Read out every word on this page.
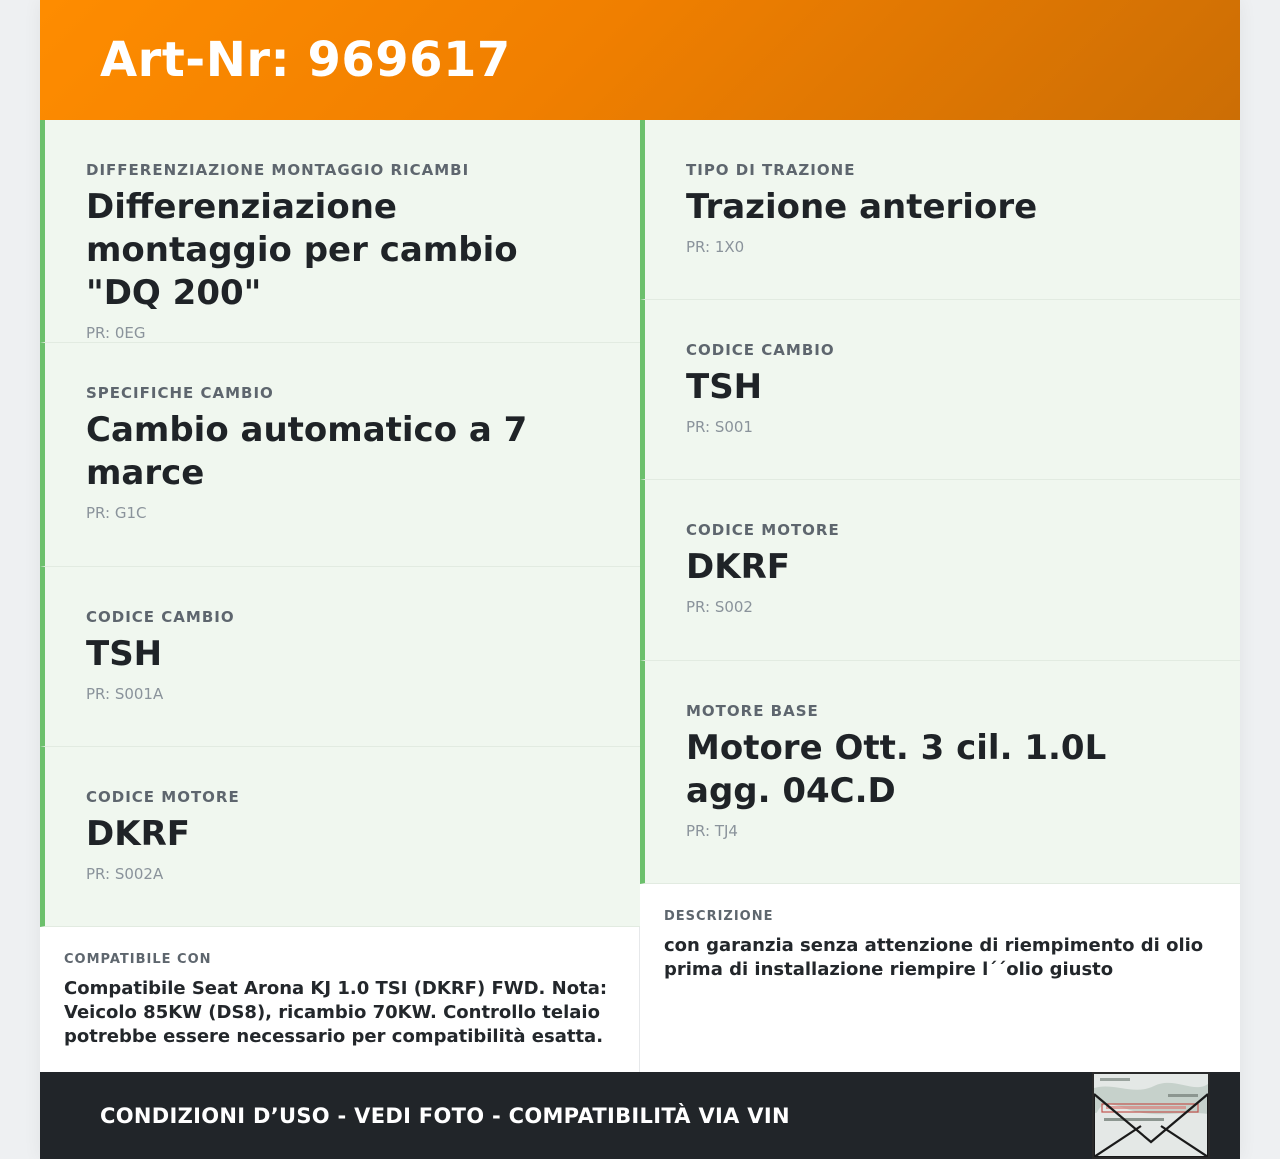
Art-Nr: 969617
DIFFERENZIAZIONE MONTAGGIO RICAMBI
Differenziazione montaggio per cambio "DQ 200"
PR: 0EG
SPECIFICHE CAMBIO
Cambio automatico a 7 marce
PR: G1C
CODICE CAMBIO
TSH
PR: S001A
CODICE MOTORE
DKRF
PR: S002A
COMPATIBILE CON
Compatibile Seat Arona KJ 1.0 TSI (DKRF) FWD. Nota: Veicolo 85KW (DS8), ricambio 70KW. Controllo telaio potrebbe essere necessario per compatibilità esatta.
TIPO DI TRAZIONE
Trazione anteriore
PR: 1X0
CODICE CAMBIO
TSH
PR: S001
CODICE MOTORE
DKRF
PR: S002
MOTORE BASE
Motore Ott. 3 cil. 1.0L agg. 04C.D
PR: TJ4
DESCRIZIONE
con garanzia senza attenzione di riempimento di olio prima di installazione riempire l´´olio giusto
CONDIZIONI D’USO - VEDI FOTO - COMPATIBILITÀ VIA VIN
